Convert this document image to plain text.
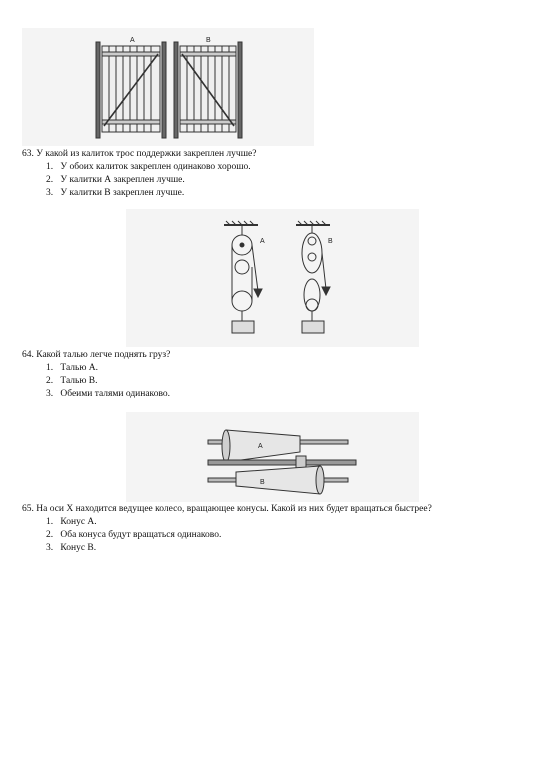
A	B
63. У какой из калиток трос поддержки закреплен лучше?
1. У обоих калиток закреплен одинаково хорошо.
2. У калитки А закреплен лучше.
3. У калитки В закреплен лучше.
A	B
64. Какой талью легче поднять груз?
1. Талью А.
2. Талью В.
3. Обеими талями одинаково.
A
B
65. На оси X находится ведущее колесо, вращающее конусы. Какой из них будет вращаться быстрее?
1. Конус А.
2. Оба конуса будут вращаться одинаково.
3. Конус В.
